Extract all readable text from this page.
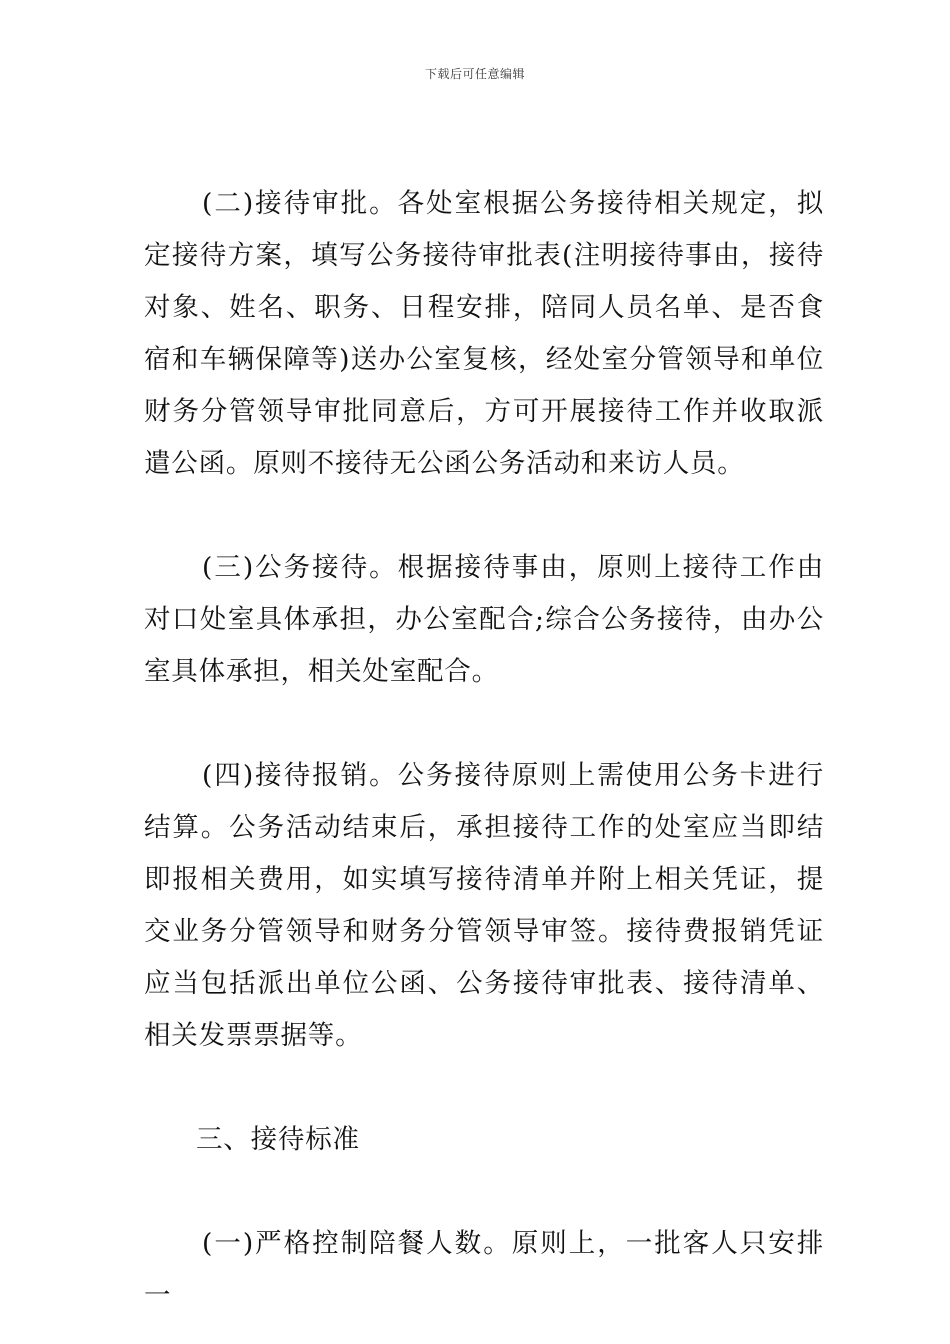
下载后可任意编辑

(二)接待审批。各处室根据公务接待相关规定，拟定接待方案，填写公务接待审批表(注明接待事由，接待对象、姓名、职务、日程安排，陪同人员名单、是否食宿和车辆保障等)送办公室复核，经处室分管领导和单位财务分管领导审批同意后，方可开展接待工作并收取派遣公函。原则不接待无公函公务活动和来访人员。

(三)公务接待。根据接待事由，原则上接待工作由对口处室具体承担，办公室配合;综合公务接待，由办公室具体承担，相关处室配合。

(四)接待报销。公务接待原则上需使用公务卡进行结算。公务活动结束后，承担接待工作的处室应当即结即报相关费用，如实填写接待清单并附上相关凭证，提交业务分管领导和财务分管领导审签。接待费报销凭证应当包括派出单位公函、公务接待审批表、接待清单、相关发票票据等。

三、接待标准

(一)严格控制陪餐人数。原则上，一批客人只安排一
